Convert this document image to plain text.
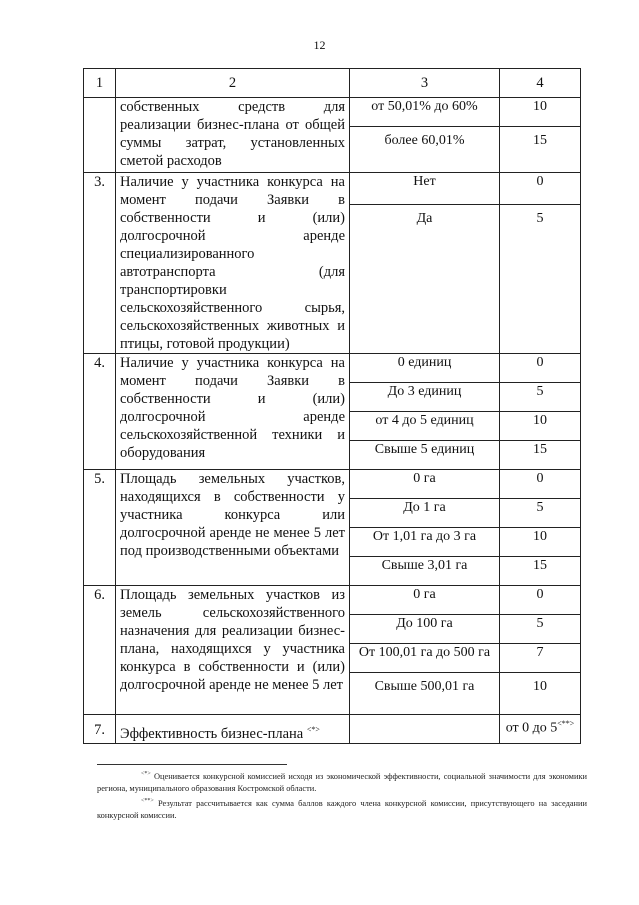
12
1	2	3	4
	собственных средств для реализации бизнес-плана от общей суммы затрат, установленных сметой расходов	от 50,01% до 60%	10
		более 60,01%	15
3.	Наличие у участника конкурса на момент подачи Заявки в собственности и (или) долгосрочной аренде специализированного автотранспорта (для транспортировки сельскохозяйственного сырья, сельскохозяйственных животных и птицы, готовой продукции)	Нет	0
		Да	5
4.	Наличие у участника конкурса на момент подачи Заявки в собственности и (или) долгосрочной аренде сельскохозяйственной техники и оборудования	0 единиц	0
		До 3 единиц	5
		от 4 до 5 единиц	10
		Свыше 5 единиц	15
5.	Площадь земельных участков, находящихся в собственности у участника конкурса или долгосрочной аренде не менее 5 лет под производственными объектами	0 га	0
		До 1 га	5
		От 1,01 га до 3 га	10
		Свыше 3,01 га	15
6.	Площадь земельных участков из земель сельскохозяйственного назначения для реализации бизнес-плана, находящихся у участника конкурса в собственности и (или) долгосрочной аренде не менее 5 лет	0 га	0
		До 100 га	5
		От 100,01 га до 500 га	7
		Свыше 500,01 га	10
7.	Эффективность бизнес-плана <*>		от 0 до 5<**>

<*> Оценивается конкурсной комиссией исходя из экономической эффективности, социальной значимости для экономики региона, муниципального образования Костромской области.

<**> Результат рассчитывается как сумма баллов каждого члена конкурсной комиссии, присутствующего на заседании конкурсной комиссии.
